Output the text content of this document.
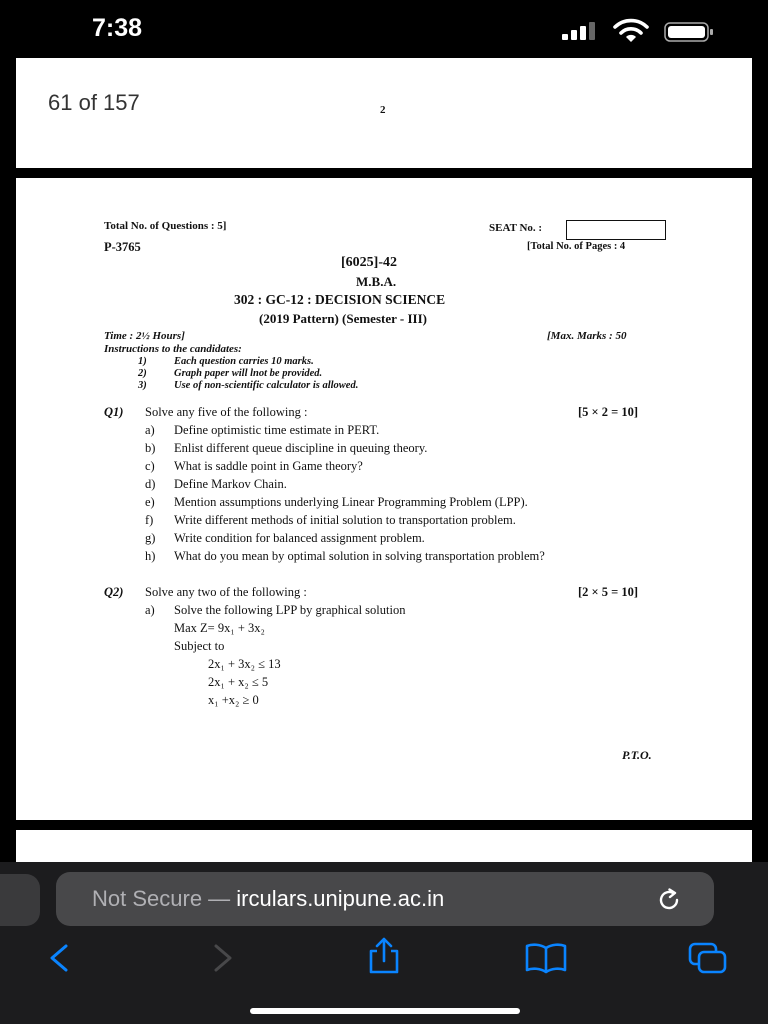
7:38
61 of 157	2
Total No. of Questions : 5]	SEAT No. :
P-3765	[Total No. of Pages : 4
[6025]-42
M.B.A.
302 : GC-12 : DECISION SCIENCE
(2019 Pattern) (Semester - III)
Time : 2½ Hours]	[Max. Marks : 50
Instructions to the candidates:
1)	Each question carries 10 marks.
2)	Graph paper will lnot be provided.
3)	Use of non-scientific calculator is allowed.
Q1) Solve any five of the following :	[5 × 2 = 10]
a) Define optimistic time estimate in PERT.
b) Enlist different queue discipline in queuing theory.
c) What is saddle point in Game theory?
d) Define Markov Chain.
e) Mention assumptions underlying Linear Programming Problem (LPP).
f) Write different methods of initial solution to transportation problem.
g) Write condition for balanced assignment problem.
h) What do you mean by optimal solution in solving transportation problem?
Q2) Solve any two of the following :	[2 × 5 = 10]
a) Solve the following LPP by graphical solution
Max Z= 9x₁ + 3x₂
Subject to
2x₁ + 3x₂ ≤ 13
2x₁ + x₂ ≤ 5
x₁ +x₂ ≥ 0
P.T.O.
Not Secure — irculars.unipune.ac.in
